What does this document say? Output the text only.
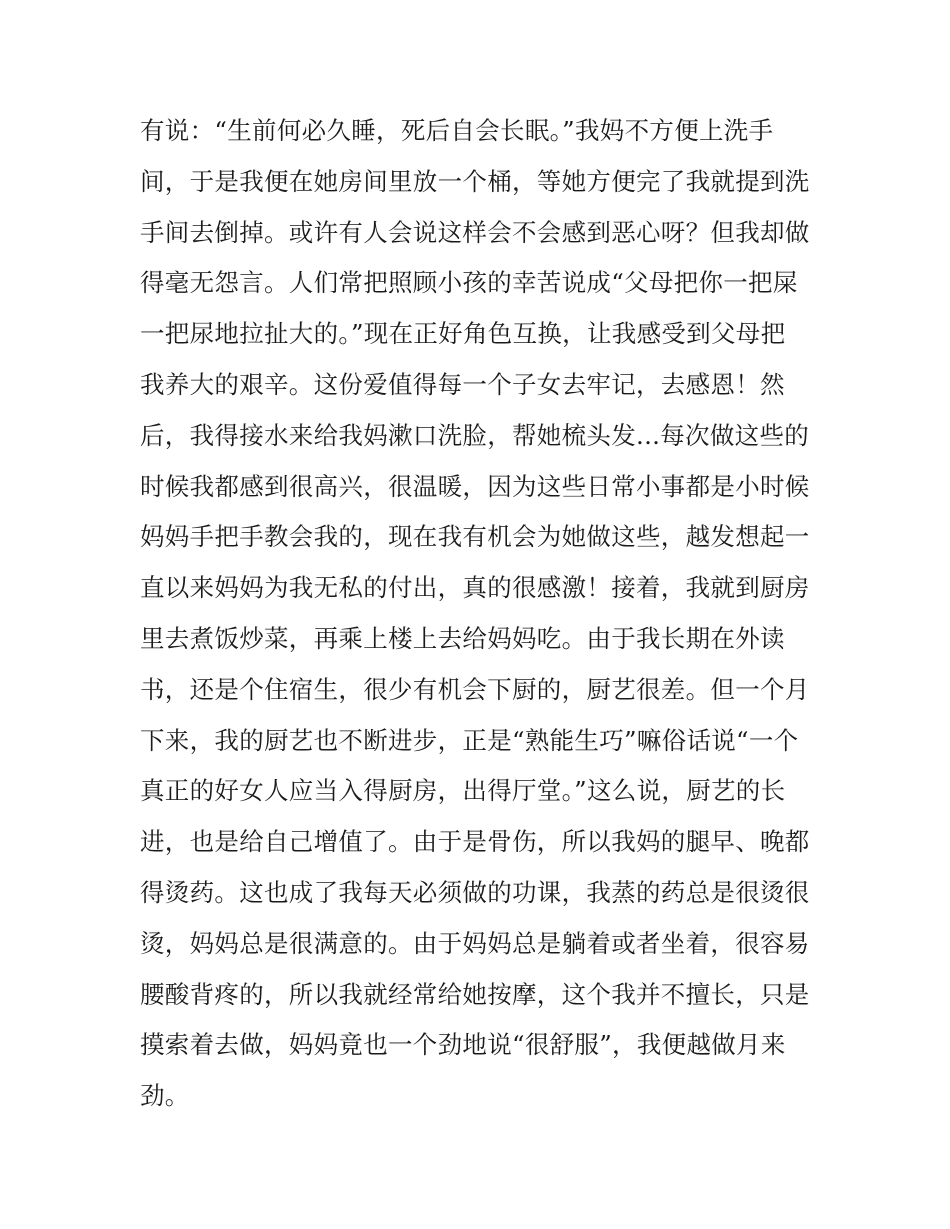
有说：“生前何必久睡，死后自会长眠。”我妈不方便上洗手
间，于是我便在她房间里放一个桶，等她方便完了我就提到洗
手间去倒掉。或许有人会说这样会不会感到恶心呀？但我却做
得毫无怨言。人们常把照顾小孩的幸苦说成“父母把你一把屎
一把尿地拉扯大的。”现在正好角色互换，让我感受到父母把
我养大的艰辛。这份爱值得每一个子女去牢记，去感恩！然
后，我得接水来给我妈漱口洗脸，帮她梳头发...每次做这些的
时候我都感到很高兴，很温暖，因为这些日常小事都是小时候
妈妈手把手教会我的，现在我有机会为她做这些，越发想起一
直以来妈妈为我无私的付出，真的很感激！接着，我就到厨房
里去煮饭炒菜，再乘上楼上去给妈妈吃。由于我长期在外读
书，还是个住宿生，很少有机会下厨的，厨艺很差。但一个月
下来，我的厨艺也不断进步，正是“熟能生巧”嘛俗话说“一个
真正的好女人应当入得厨房，出得厅堂。”这么说，厨艺的长
进，也是给自己增值了。由于是骨伤，所以我妈的腿早、晚都
得烫药。这也成了我每天必须做的功课，我蒸的药总是很烫很
烫，妈妈总是很满意的。由于妈妈总是躺着或者坐着，很容易
腰酸背疼的，所以我就经常给她按摩，这个我并不擅长，只是
摸索着去做，妈妈竟也一个劲地说“很舒服”，我便越做月来
劲。
